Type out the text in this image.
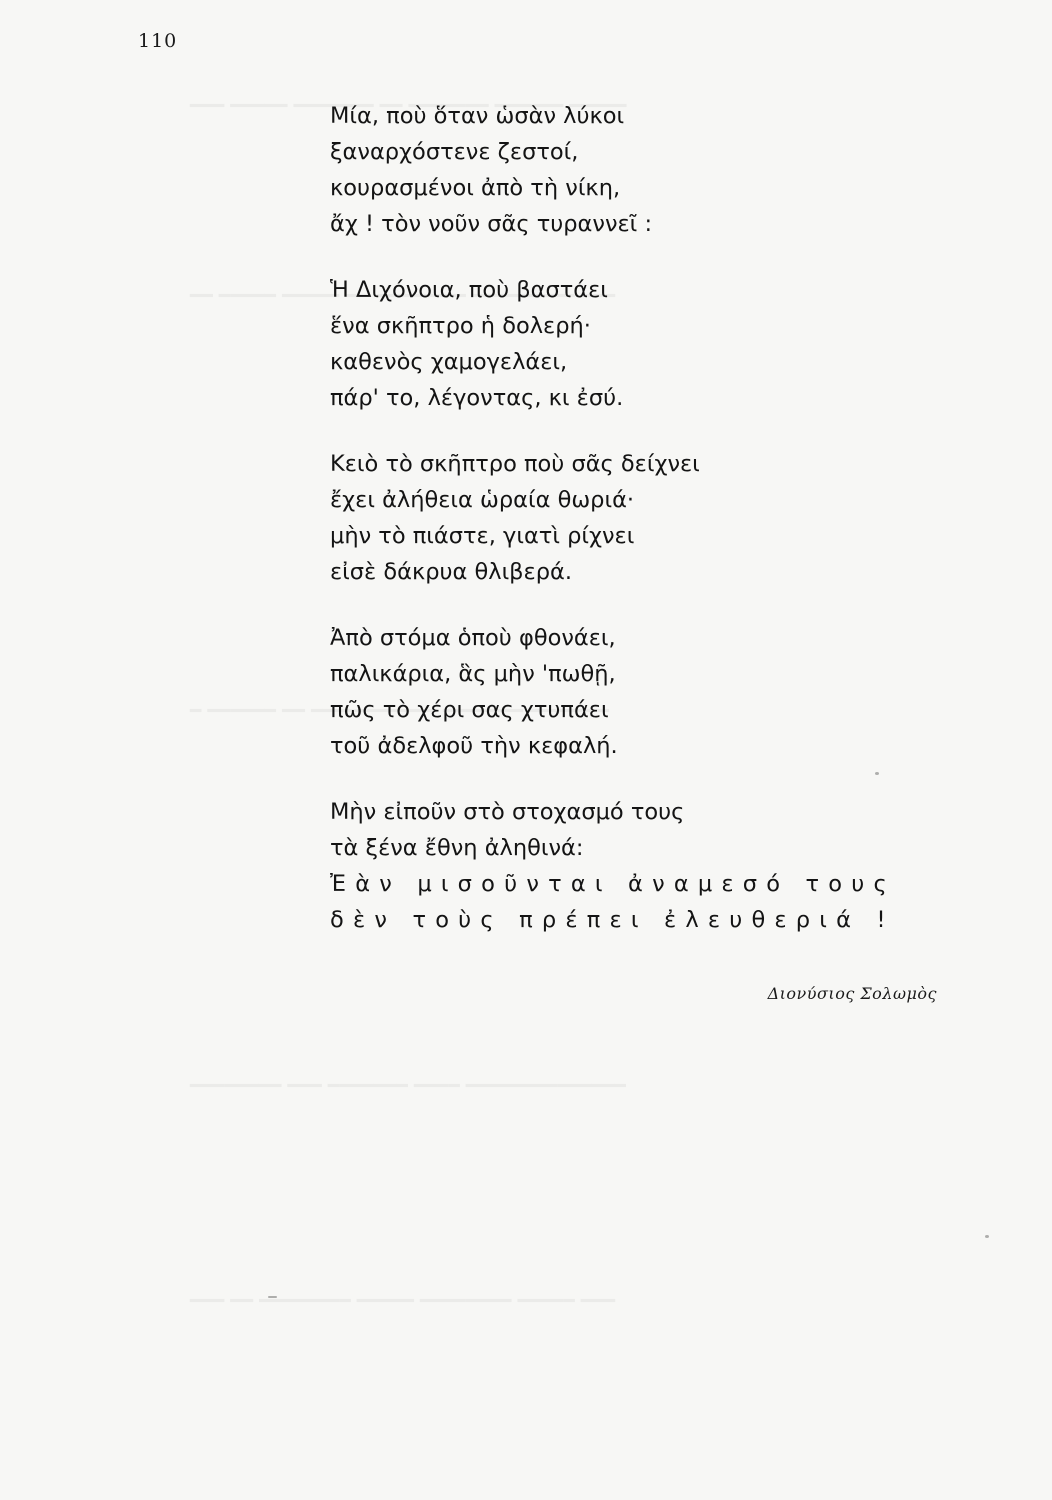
110
Μία, ποὺ ὅταν ὡσὰν λύκοι
ξαναρχόστενε ζεστοί,
κουρασμένοι ἀπὸ τὴ νίκη,
ἄχ ! τὸν νοῦν σᾶς τυραννεῖ :
Ἡ Διχόνοια, ποὺ βαστάει
ἕνα σκῆπτρο ἡ δολερή·
καθενὸς χαμογελάει,
πάρ' το, λέγοντας, κι ἐσύ.
Κειὸ τὸ σκῆπτρο ποὺ σᾶς δείχνει
ἔχει ἀλήθεια ὡραία θωριά·
μὴν τὸ πιάστε, γιατὶ ρίχνει
εἰσὲ δάκρυα θλιβερά.
Ἀπὸ στόμα ὁποὺ φθονάει,
παλικάρια, ἃς μὴν 'πωθῇ,
πῶς τὸ χέρι σας χτυπάει
τοῦ ἀδελφοῦ τὴν κεφαλή.
Μὴν εἰποῦν στὸ στοχασμό τους
τὰ ξένα ἔθνη ἀληθινά:
Ἐὰν μισοῦνται ἀναμεσό τους
δὲν τοὺς πρέπει ἐλευθεριά !
Διονύσιος Σολωμὸς
